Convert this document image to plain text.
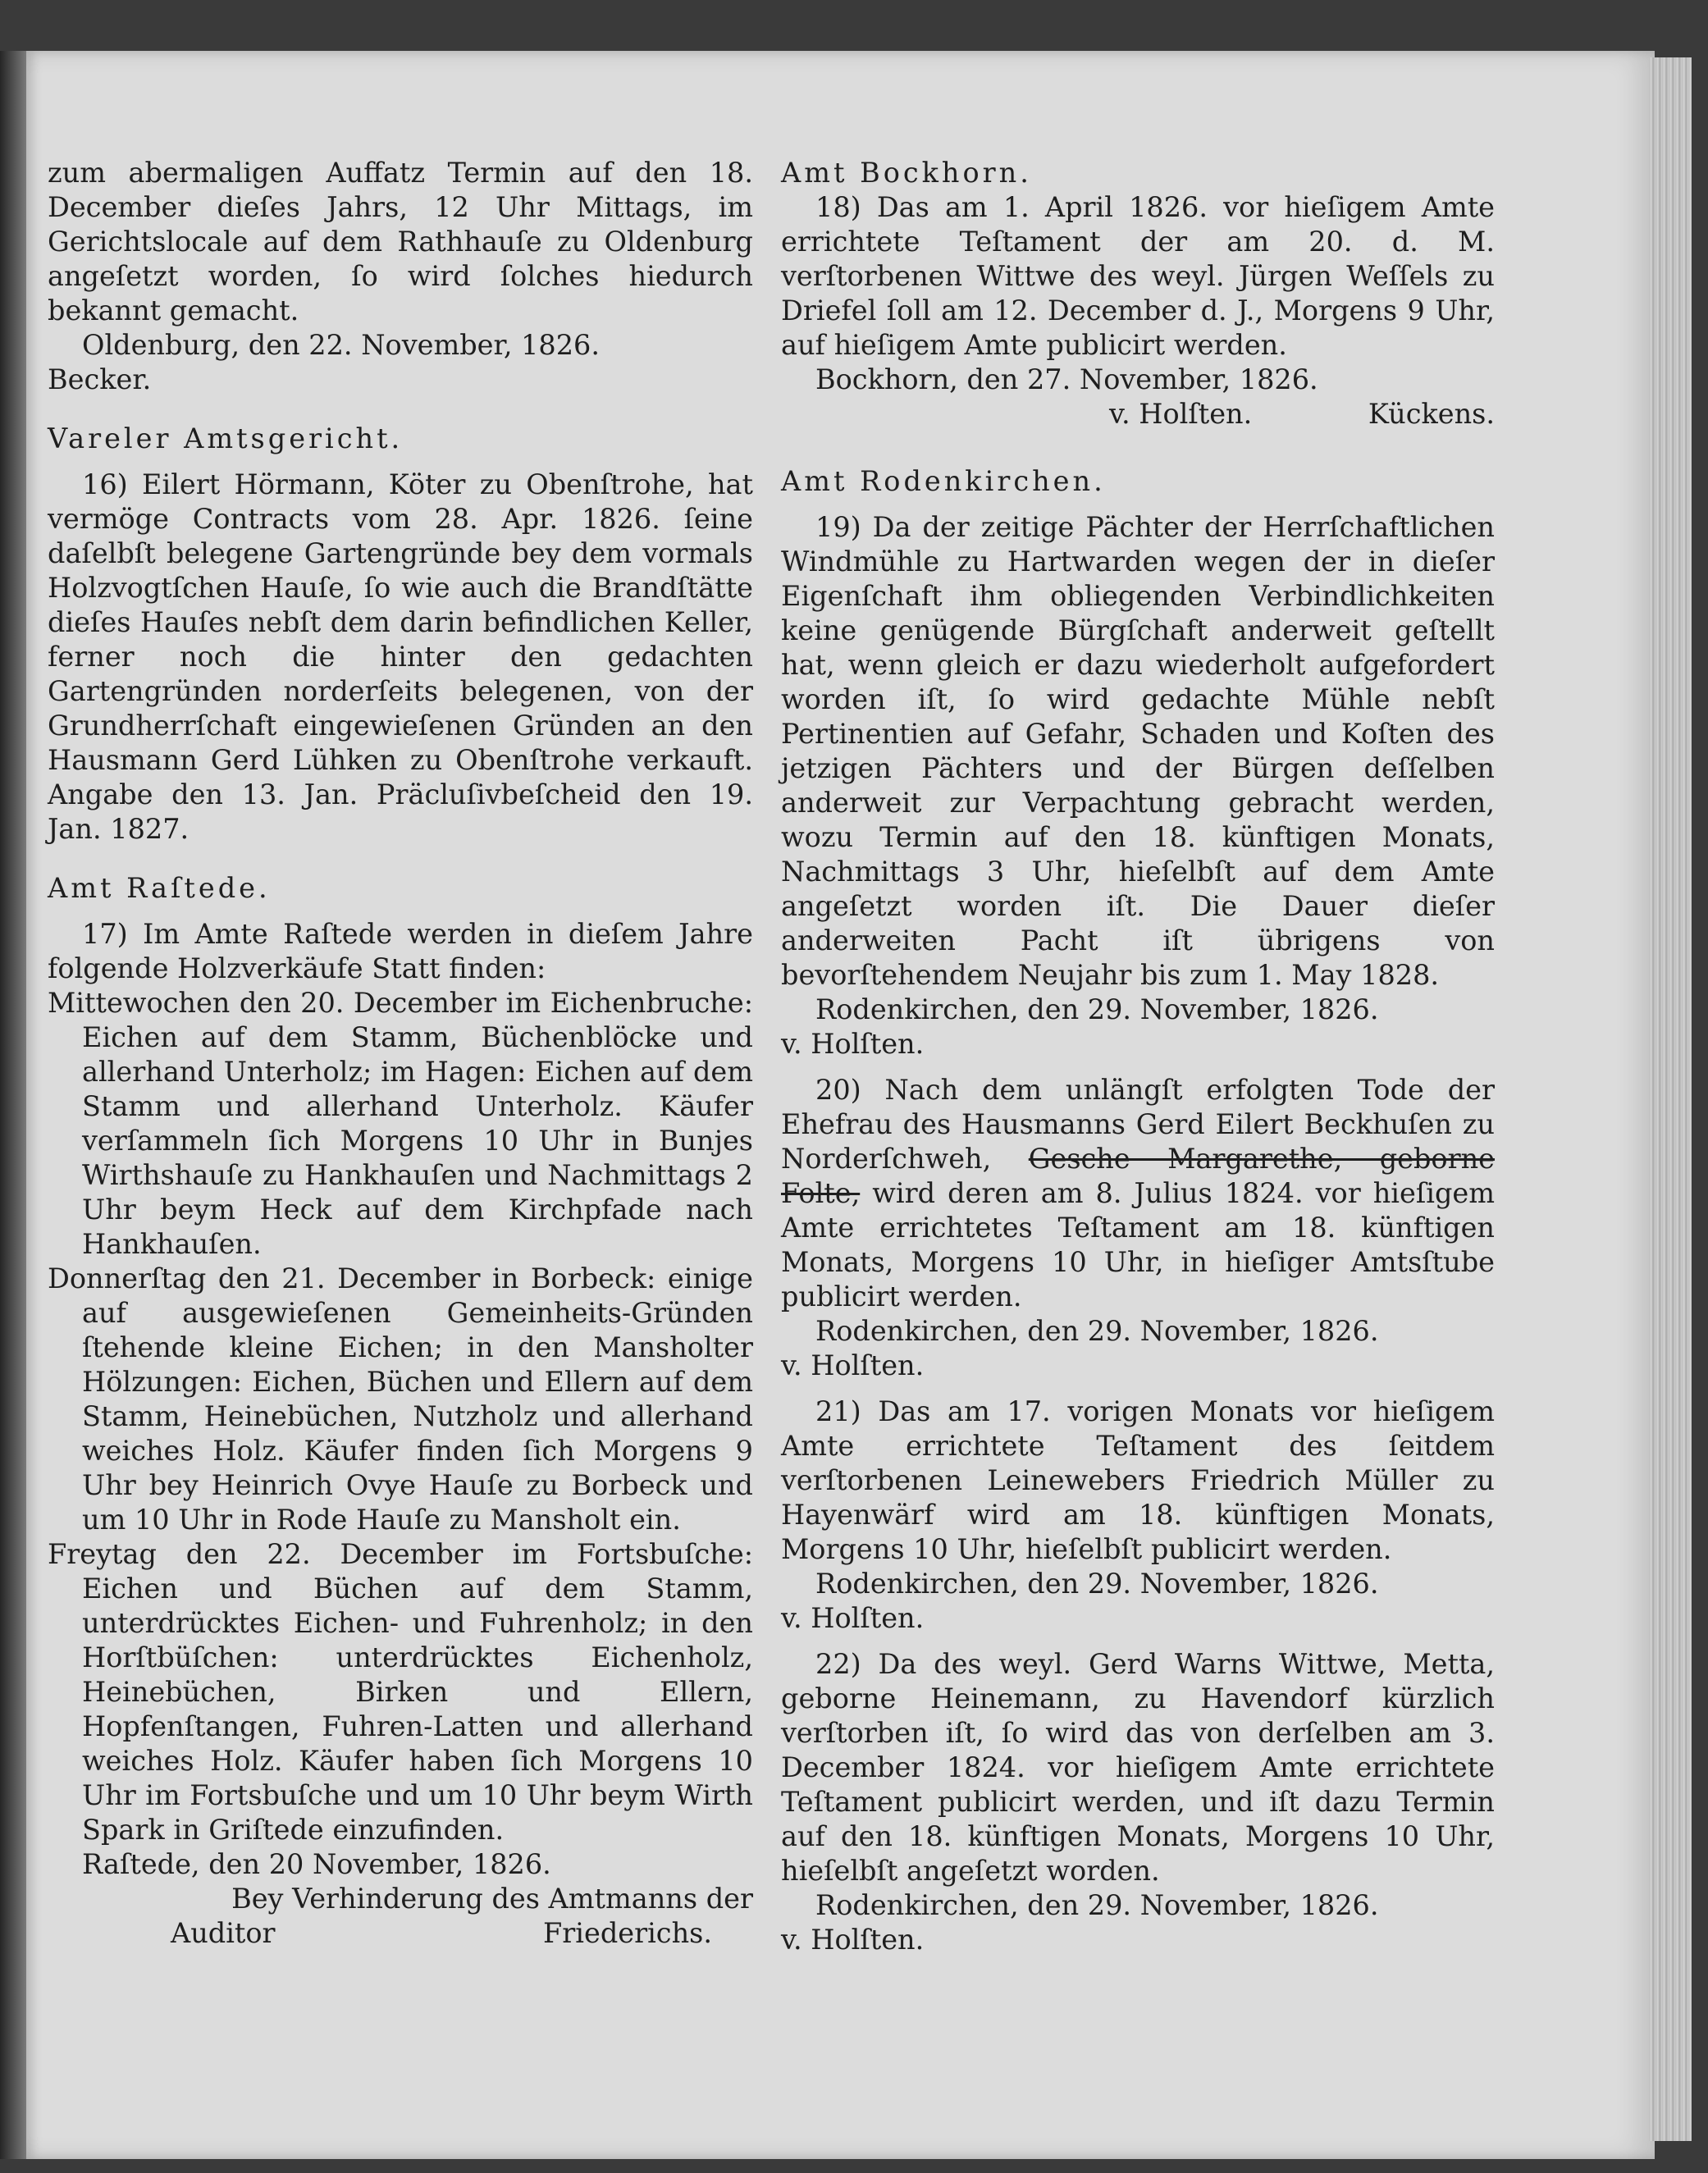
zum abermaligen Auffatz Termin auf den 18. December dieſes Jahrs, 12 Uhr Mittags, im Gerichtslocale auf dem Rathhauſe zu Oldenburg angeſetzt worden, ſo wird ſolches hiedurch bekannt gemacht.

Oldenburg, den 22. November, 1826.

Becker.

Vareler Amtsgericht.

16) Eilert Hörmann, Köter zu Obenſtrohe, hat vermöge Contracts vom 28. Apr. 1826. ſeine daſelbſt belegene Gartengründe bey dem vormals Holzvogtſchen Hauſe, ſo wie auch die Brandſtätte dieſes Hauſes nebſt dem darin befindlichen Keller, ferner noch die hinter den gedachten Gartengründen norderſeits belegenen, von der Grundherrſchaft eingewieſenen Gründen an den Hausmann Gerd Lühken zu Obenſtrohe verkauft. Angabe den 13. Jan. Präcluſivbeſcheid den 19. Jan. 1827.

Amt Raſtede.

17) Im Amte Raſtede werden in dieſem Jahre folgende Holzverkäufe Statt finden:

Mittewochen den 20. December im Eichenbruche: Eichen auf dem Stamm, Büchenblöcke und allerhand Unterholz; im Hagen: Eichen auf dem Stamm und allerhand Unterholz. Käufer verſammeln ſich Morgens 10 Uhr in Bunjes Wirthshauſe zu Hankhauſen und Nachmittags 2 Uhr beym Heck auf dem Kirchpfade nach Hankhauſen.

Donnerſtag den 21. December in Borbeck: einige auf ausgewieſenen Gemeinheits-Gründen ſtehende kleine Eichen; in den Mansholter Hölzungen: Eichen, Büchen und Ellern auf dem Stamm, Heinebüchen, Nutzholz und allerhand weiches Holz. Käufer finden ſich Morgens 9 Uhr bey Heinrich Ovye Hauſe zu Borbeck und um 10 Uhr in Rode Hauſe zu Mansholt ein.

Freytag den 22. December im Fortsbuſche: Eichen und Büchen auf dem Stamm, unterdrücktes Eichen- und Fuhrenholz; in den Horſtbüſchen: unterdrücktes Eichenholz, Heinebüchen, Birken und Ellern, Hopfenſtangen, Fuhren-Latten und allerhand weiches Holz. Käufer haben ſich Morgens 10 Uhr im Fortsbuſche und um 10 Uhr beym Wirth Spark in Griſtede einzufinden.

Raſtede, den 20 November, 1826.

Bey Verhinderung des Amtmanns der

Auditor	Friederichs.

Amt Bockhorn.

18) Das am 1. April 1826. vor hieſigem Amte errichtete Teſtament der am 20. d. M. verſtorbenen Wittwe des weyl. Jürgen Weſſels zu Driefel ſoll am 12. December d. J., Morgens 9 Uhr, auf hieſigem Amte publicirt werden.

Bockhorn, den 27. November, 1826.

v. Holſten.	Kückens.

Amt Rodenkirchen.

19) Da der zeitige Pächter der Herrſchaftlichen Windmühle zu Hartwarden wegen der in dieſer Eigenſchaft ihm obliegenden Verbindlichkeiten keine genügende Bürgſchaft anderweit geſtellt hat, wenn gleich er dazu wiederholt aufgefordert worden iſt, ſo wird gedachte Mühle nebſt Pertinentien auf Gefahr, Schaden und Koſten des jetzigen Pächters und der Bürgen deſſelben anderweit zur Verpachtung gebracht werden, wozu Termin auf den 18. künftigen Monats, Nachmittags 3 Uhr, hieſelbſt auf dem Amte angeſetzt worden iſt. Die Dauer dieſer anderweiten Pacht iſt übrigens von bevorſtehendem Neujahr bis zum 1. May 1828.

Rodenkirchen, den 29. November, 1826.

v. Holſten.

20) Nach dem unlängſt erfolgten Tode der Ehefrau des Hausmanns Gerd Eilert Beckhuſen zu Norderſchweh, Gesche Margarethe, geborne Folte, wird deren am 8. Julius 1824. vor hieſigem Amte errichtetes Teſtament am 18. künftigen Monats, Morgens 10 Uhr, in hieſiger Amtsſtube publicirt werden.

Rodenkirchen, den 29. November, 1826.

v. Holſten.

21) Das am 17. vorigen Monats vor hieſigem Amte errichtete Teſtament des ſeitdem verſtorbenen Leinewebers Friedrich Müller zu Hayenwärf wird am 18. künftigen Monats, Morgens 10 Uhr, hieſelbſt publicirt werden.

Rodenkirchen, den 29. November, 1826.

v. Holſten.

22) Da des weyl. Gerd Warns Wittwe, Metta, geborne Heinemann, zu Havendorf kürzlich verſtorben iſt, ſo wird das von derſelben am 3. December 1824. vor hieſigem Amte errichtete Teſtament publicirt werden, und iſt dazu Termin auf den 18. künftigen Monats, Morgens 10 Uhr, hieſelbſt angeſetzt worden.

Rodenkirchen, den 29. November, 1826.

v. Holſten.
